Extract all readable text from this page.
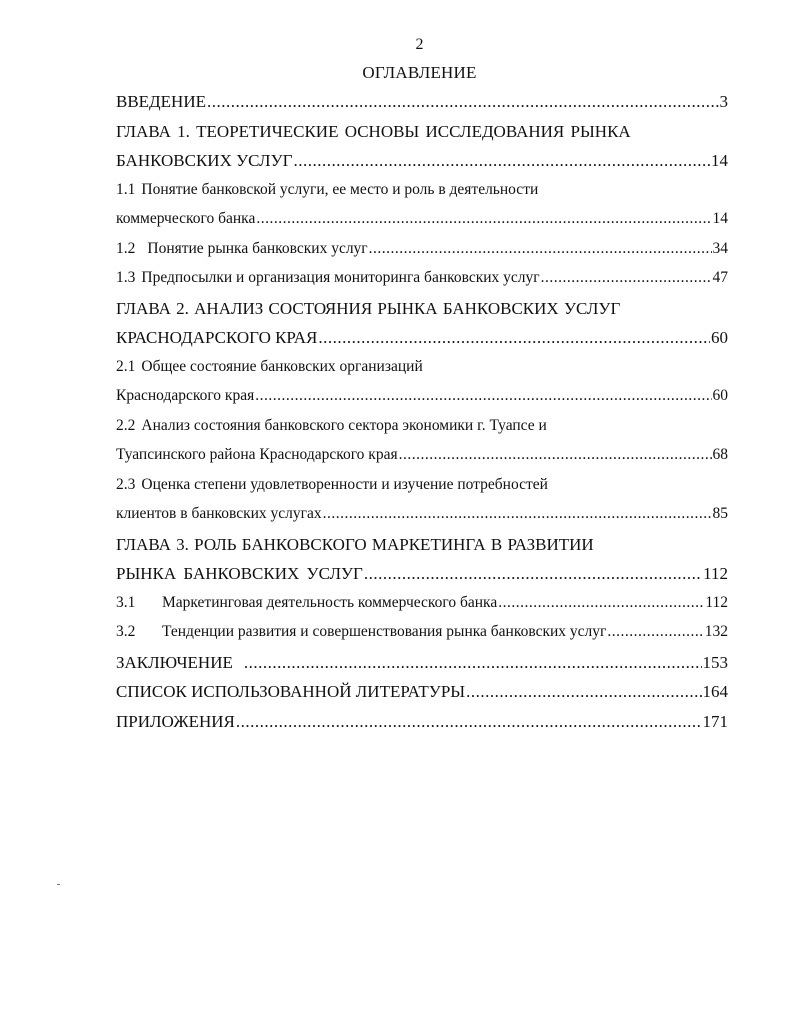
2
ОГЛАВЛЕНИЕ
ВВЕДЕНИЕ .....	3
ГЛАВА 1. ТЕОРЕТИЧЕСКИЕ ОСНОВЫ ИССЛЕДОВАНИЯ РЫНКА
БАНКОВСКИХ УСЛУГ .....	14
1.1 Понятие банковской услуги, ее место и роль в деятельности
коммерческого банка .....	14
1.2 Понятие рынка банковских услуг .....	34
1.3 Предпосылки и организация мониторинга банковских услуг .....	47
ГЛАВА 2. АНАЛИЗ СОСТОЯНИЯ РЫНКА БАНКОВСКИХ УСЛУГ
КРАСНОДАРСКОГО КРАЯ .....	60
2.1 Общее состояние банковских организаций
Краснодарского края .....	60
2.2 Анализ состояния банковского сектора экономики г. Туапсе и
Туапсинского района Краснодарского края .....	68
2.3 Оценка степени удовлетворенности и изучение потребностей
клиентов в банковских услугах .....	85
ГЛАВА 3. РОЛЬ БАНКОВСКОГО МАРКЕТИНГА В РАЗВИТИИ
РЫНКА БАНКОВСКИХ УСЛУГ .....	112
3.1 Маркетинговая деятельность коммерческого банка .....	112
3.2 Тенденции развития и совершенствования рынка банковских услуг .....	132
ЗАКЛЮЧЕНИЕ .....	153
СПИСОК ИСПОЛЬЗОВАННОЙ ЛИТЕРАТУРЫ .....	164
ПРИЛОЖЕНИЯ .....	171
